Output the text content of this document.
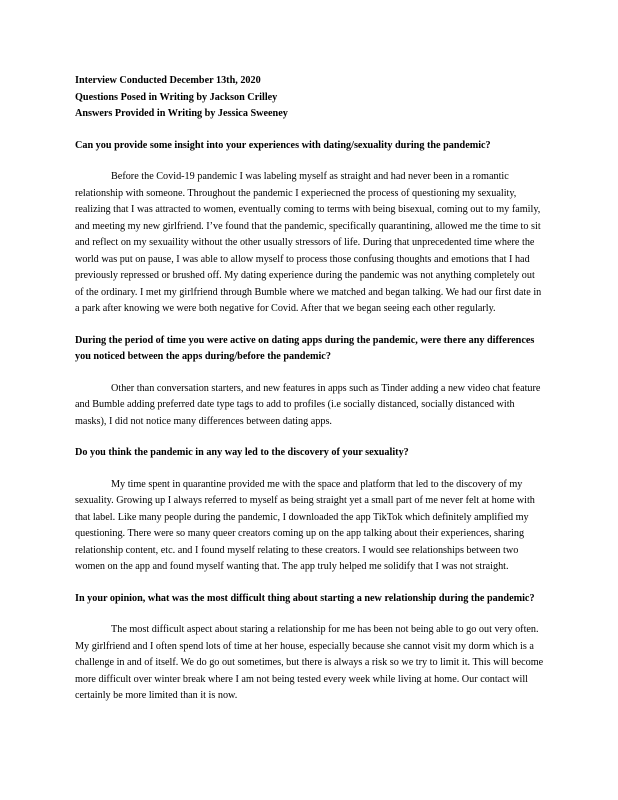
Interview Conducted December 13th, 2020

Questions Posed in Writing by Jackson Crilley

Answers Provided in Writing by Jessica Sweeney

Can you provide some insight into your experiences with dating/sexuality during the pandemic?

Before the Covid-19 pandemic I was labeling myself as straight and had never been in a romantic relationship with someone. Throughout the pandemic I experiecned the process of questioning my sexuality, realizing that I was attracted to women, eventually coming to terms with being bisexual, coming out to my family, and meeting my new girlfriend. I’ve found that the pandemic, specifically quarantining, allowed me the time to sit and reflect on my sexuaility without the other usually stressors of life. During that unprecedented time where the world was put on pause, I was able to allow myself to process those confusing thoughts and emotions that I had previously repressed or brushed off. My dating experience during the pandemic was not anything completely out of the ordinary. I met my girlfriend through Bumble where we matched and began talking. We had our first date in a park after knowing we were both negative for Covid. After that we began seeing each other regularly.

During the period of time you were active on dating apps during the pandemic, were there any differences you noticed between the apps during/before the pandemic?

Other than conversation starters, and new features in apps such as Tinder adding a new video chat feature and Bumble adding preferred date type tags to add to profiles (i.e socially distanced, socially distanced with masks), I did not notice many differences between dating apps.

Do you think the pandemic in any way led to the discovery of your sexuality?

My time spent in quarantine provided me with the space and platform that led to the discovery of my sexuality. Growing up I always referred to myself as being straight yet a small part of me never felt at home with that label. Like many people during the pandemic, I downloaded the app TikTok which definitely amplified my questioning. There were so many queer creators coming up on the app talking about their experiences, sharing relationship content, etc. and I found myself relating to these creators. I would see relationships between two women on the app and found myself wanting that. The app truly helped me solidify that I was not straight.

In your opinion, what was the most difficult thing about starting a new relationship during the pandemic?

The most difficult aspect about staring a relationship for me has been not being able to go out very often. My girlfriend and I often spend lots of time at her house, especially because she cannot visit my dorm which is a challenge in and of itself. We do go out sometimes, but there is always a risk so we try to limit it. This will become more difficult over winter break where I am not being tested every week while living at home. Our contact will certainly be more limited than it is now.
